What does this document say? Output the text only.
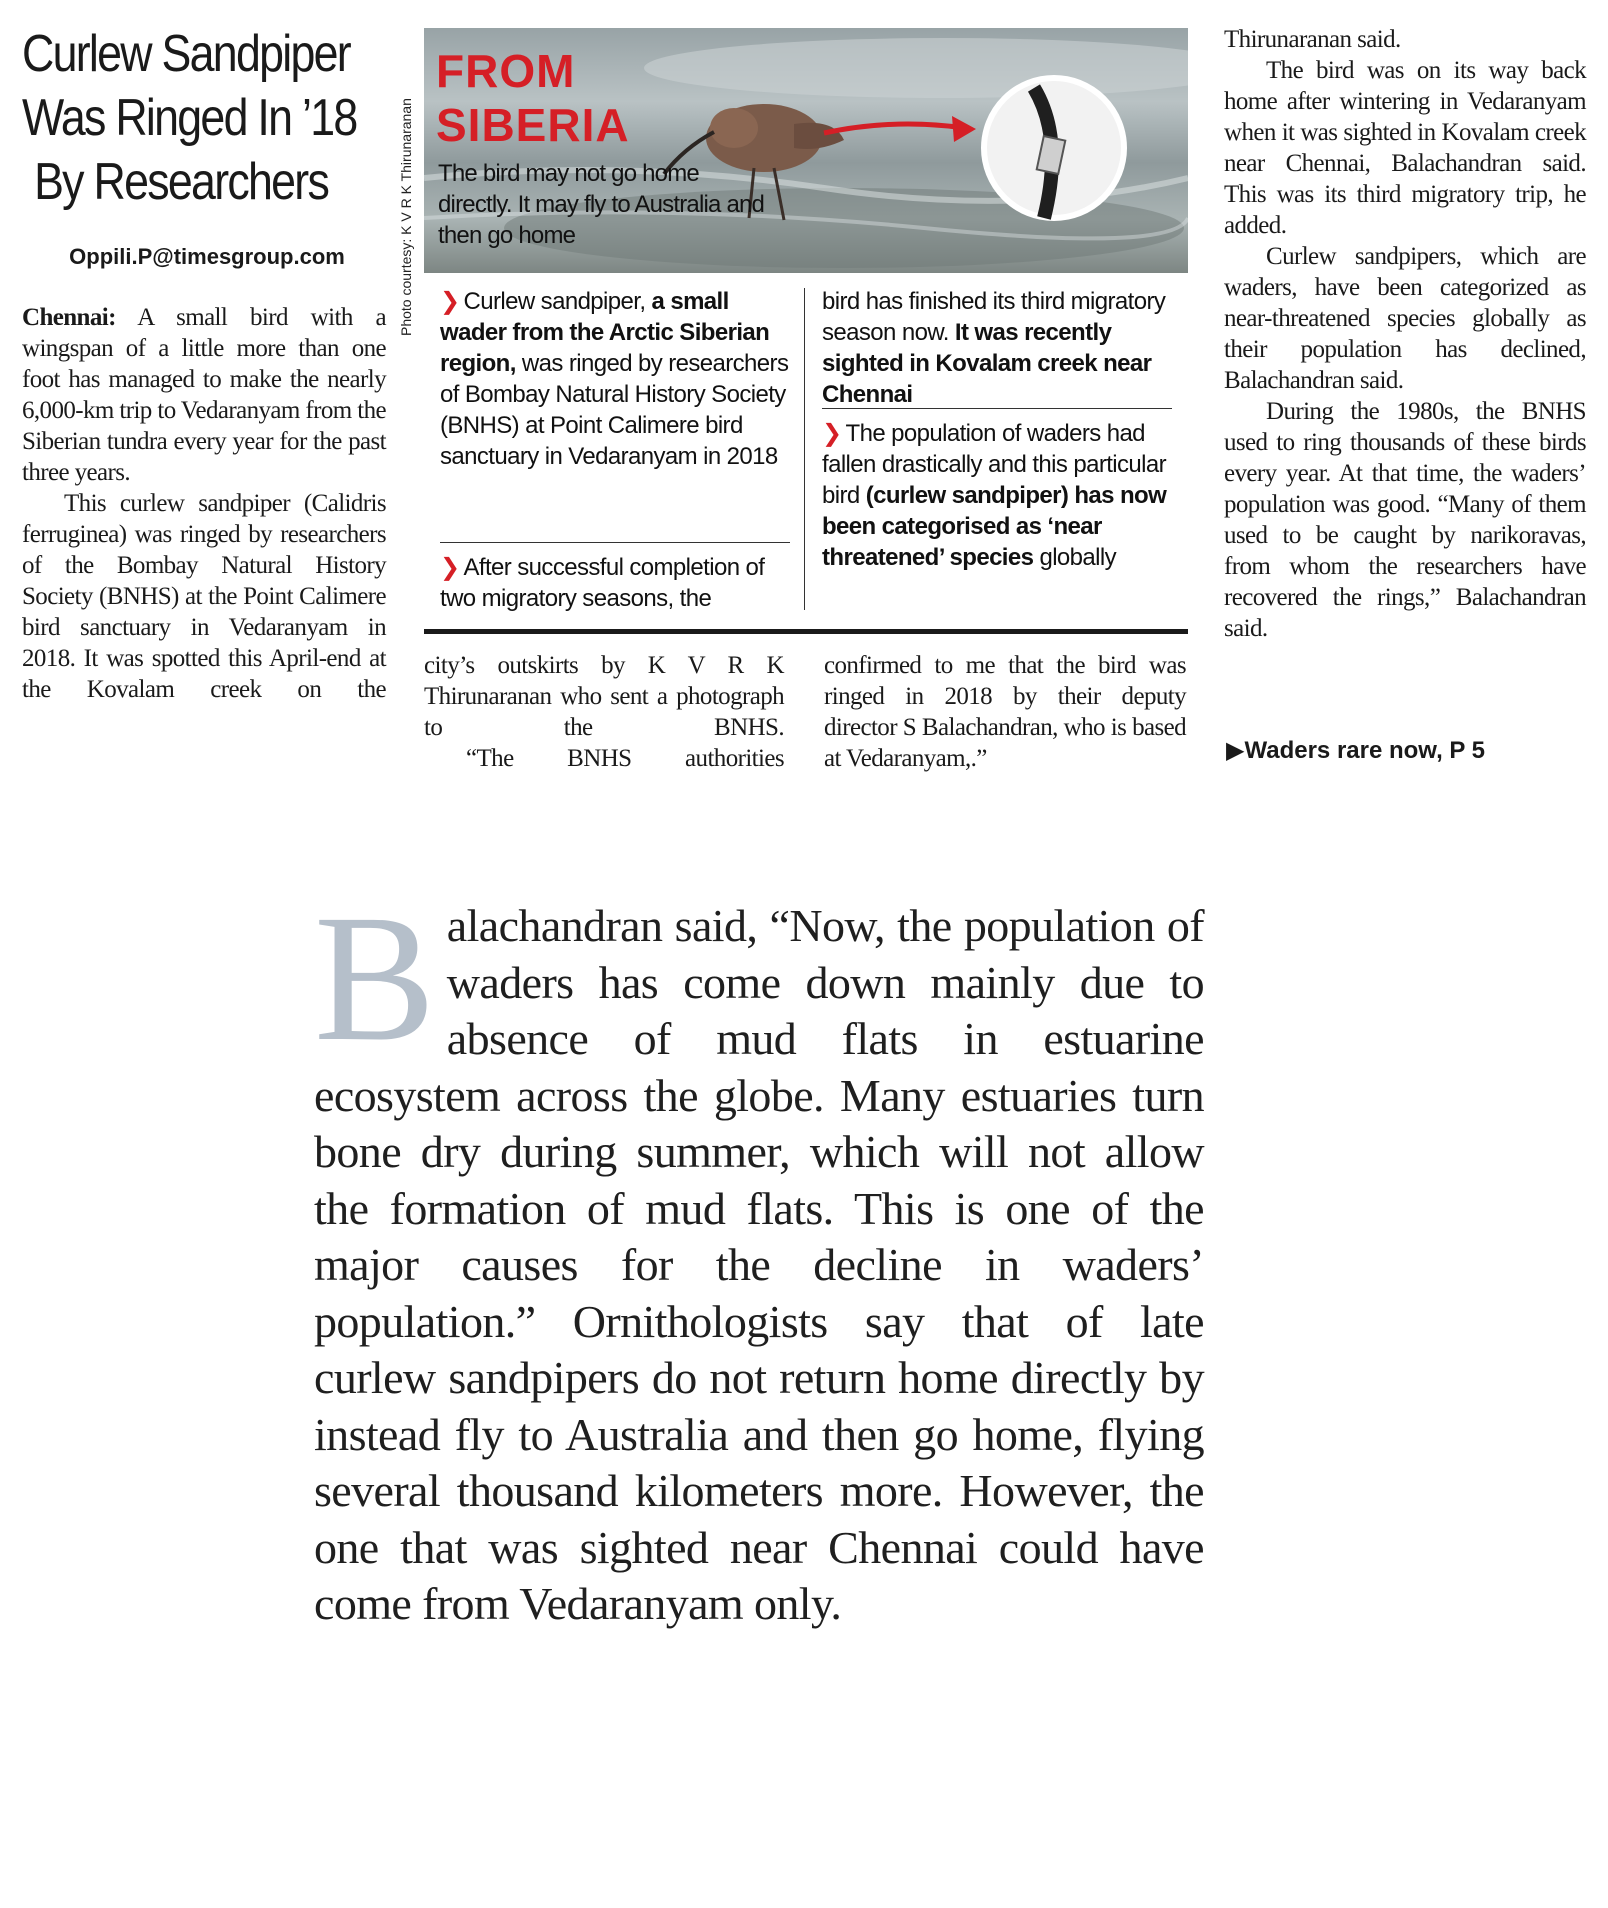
Curlew Sandpiper
Was Ringed In ’18
By Researchers
Oppili.P@timesgroup.com

Chennai: A small bird with a wingspan of a little more than one foot has managed to make the nearly 6,000-km trip to Vedaranyam from the Siberian tundra every year for the past three years.

This curlew sandpiper (Calidris ferruginea) was ringed by researchers of the Bombay Natural History Society (BNHS) at the Point Calimere bird sanctuary in Vedaranyam in 2018. It was spotted this April-end at the Kovalam creek on the

Photo courtesy: K V R K Thirunaranan
FROM
SIBERIA
The bird may not go home directly. It may fly to Australia and then go home
❯ Curlew sandpiper, a small wader from the Arctic Siberian region, was ringed by researchers of Bombay Natural History Society (BNHS) at Point Calimere bird sanctuary in Vedaranyam in 2018
❯ After successful completion of two migratory seasons, the
bird has finished its third migratory season now. It was recently sighted in Kovalam creek near Chennai
❯ The population of waders had fallen drastically and this particular bird (curlew sandpiper) has now been categorised as ‘near threatened’ species globally

city’s outskirts by K V R K Thirunaranan who sent a photograph to the BNHS.

“The BNHS authorities

confirmed to me that the bird was ringed in 2018 by their deputy director S Balachandran, who is based at Vedaranyam,.”

Thirunaranan said.

The bird was on its way back home after wintering in Vedaranyam when it was sighted in Kovalam creek near Chennai, Balachandran said. This was its third migratory trip, he added.

Curlew sandpipers, which are waders, have been categorized as near-threatened species globally as their population has declined, Balachandran said.

During the 1980s, the BNHS used to ring thousands of these birds every year. At that time, the waders’ population was good. “Many of them used to be caught by narikoravas, from whom the researchers have recovered the rings,” Balachandran said.

▶Waders rare now, P 5
B alachandran said, “Now, the population of waders has come down mainly due to absence of mud flats in estuarine ecosystem across the globe. Many estuaries turn bone dry during summer, which will not allow the formation of mud flats. This is one of the major causes for the decline in waders’ population.” Ornithologists say that of late curlew sandpipers do not return home directly by instead fly to Australia and then go home, flying several thousand kilometers more. However, the one that was sighted near Chennai could have come from Vedaranyam only.
